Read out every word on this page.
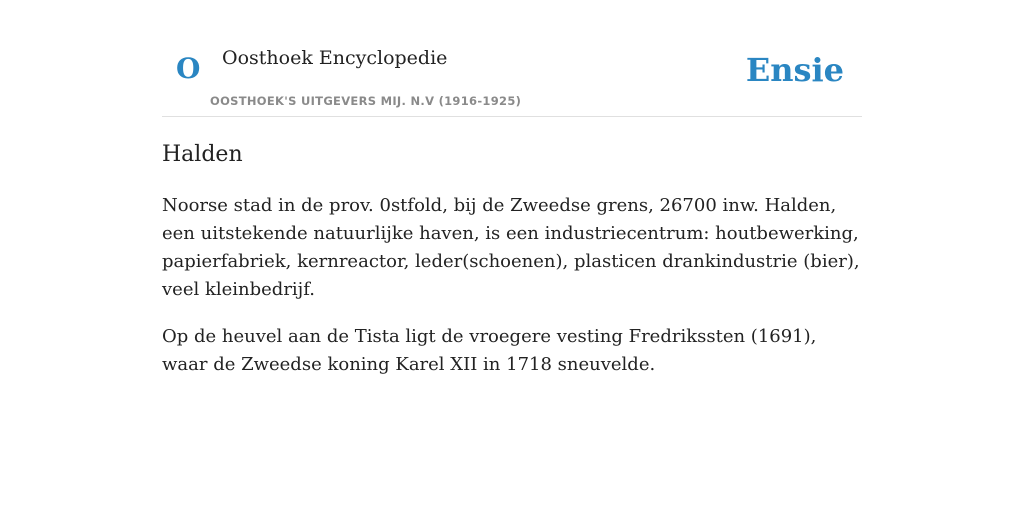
O Oosthoek Encyclopedie
OOSTHOEK'S UITGEVERS MIJ. N.V (1916-1925)
Ensie
Halden

Noorse stad in de prov. 0stfold, bij de Zweedse grens, 26700 inw. Halden, een uitstekende natuurlijke haven, is een industriecentrum: houtbewerking, papierfabriek, kernreactor, leder(schoenen), plasticen drankindustrie (bier), veel kleinbedrijf.

Op de heuvel aan de Tista ligt de vroegere vesting Fredrikssten (1691), waar de Zweedse koning Karel XII in 1718 sneuvelde.
